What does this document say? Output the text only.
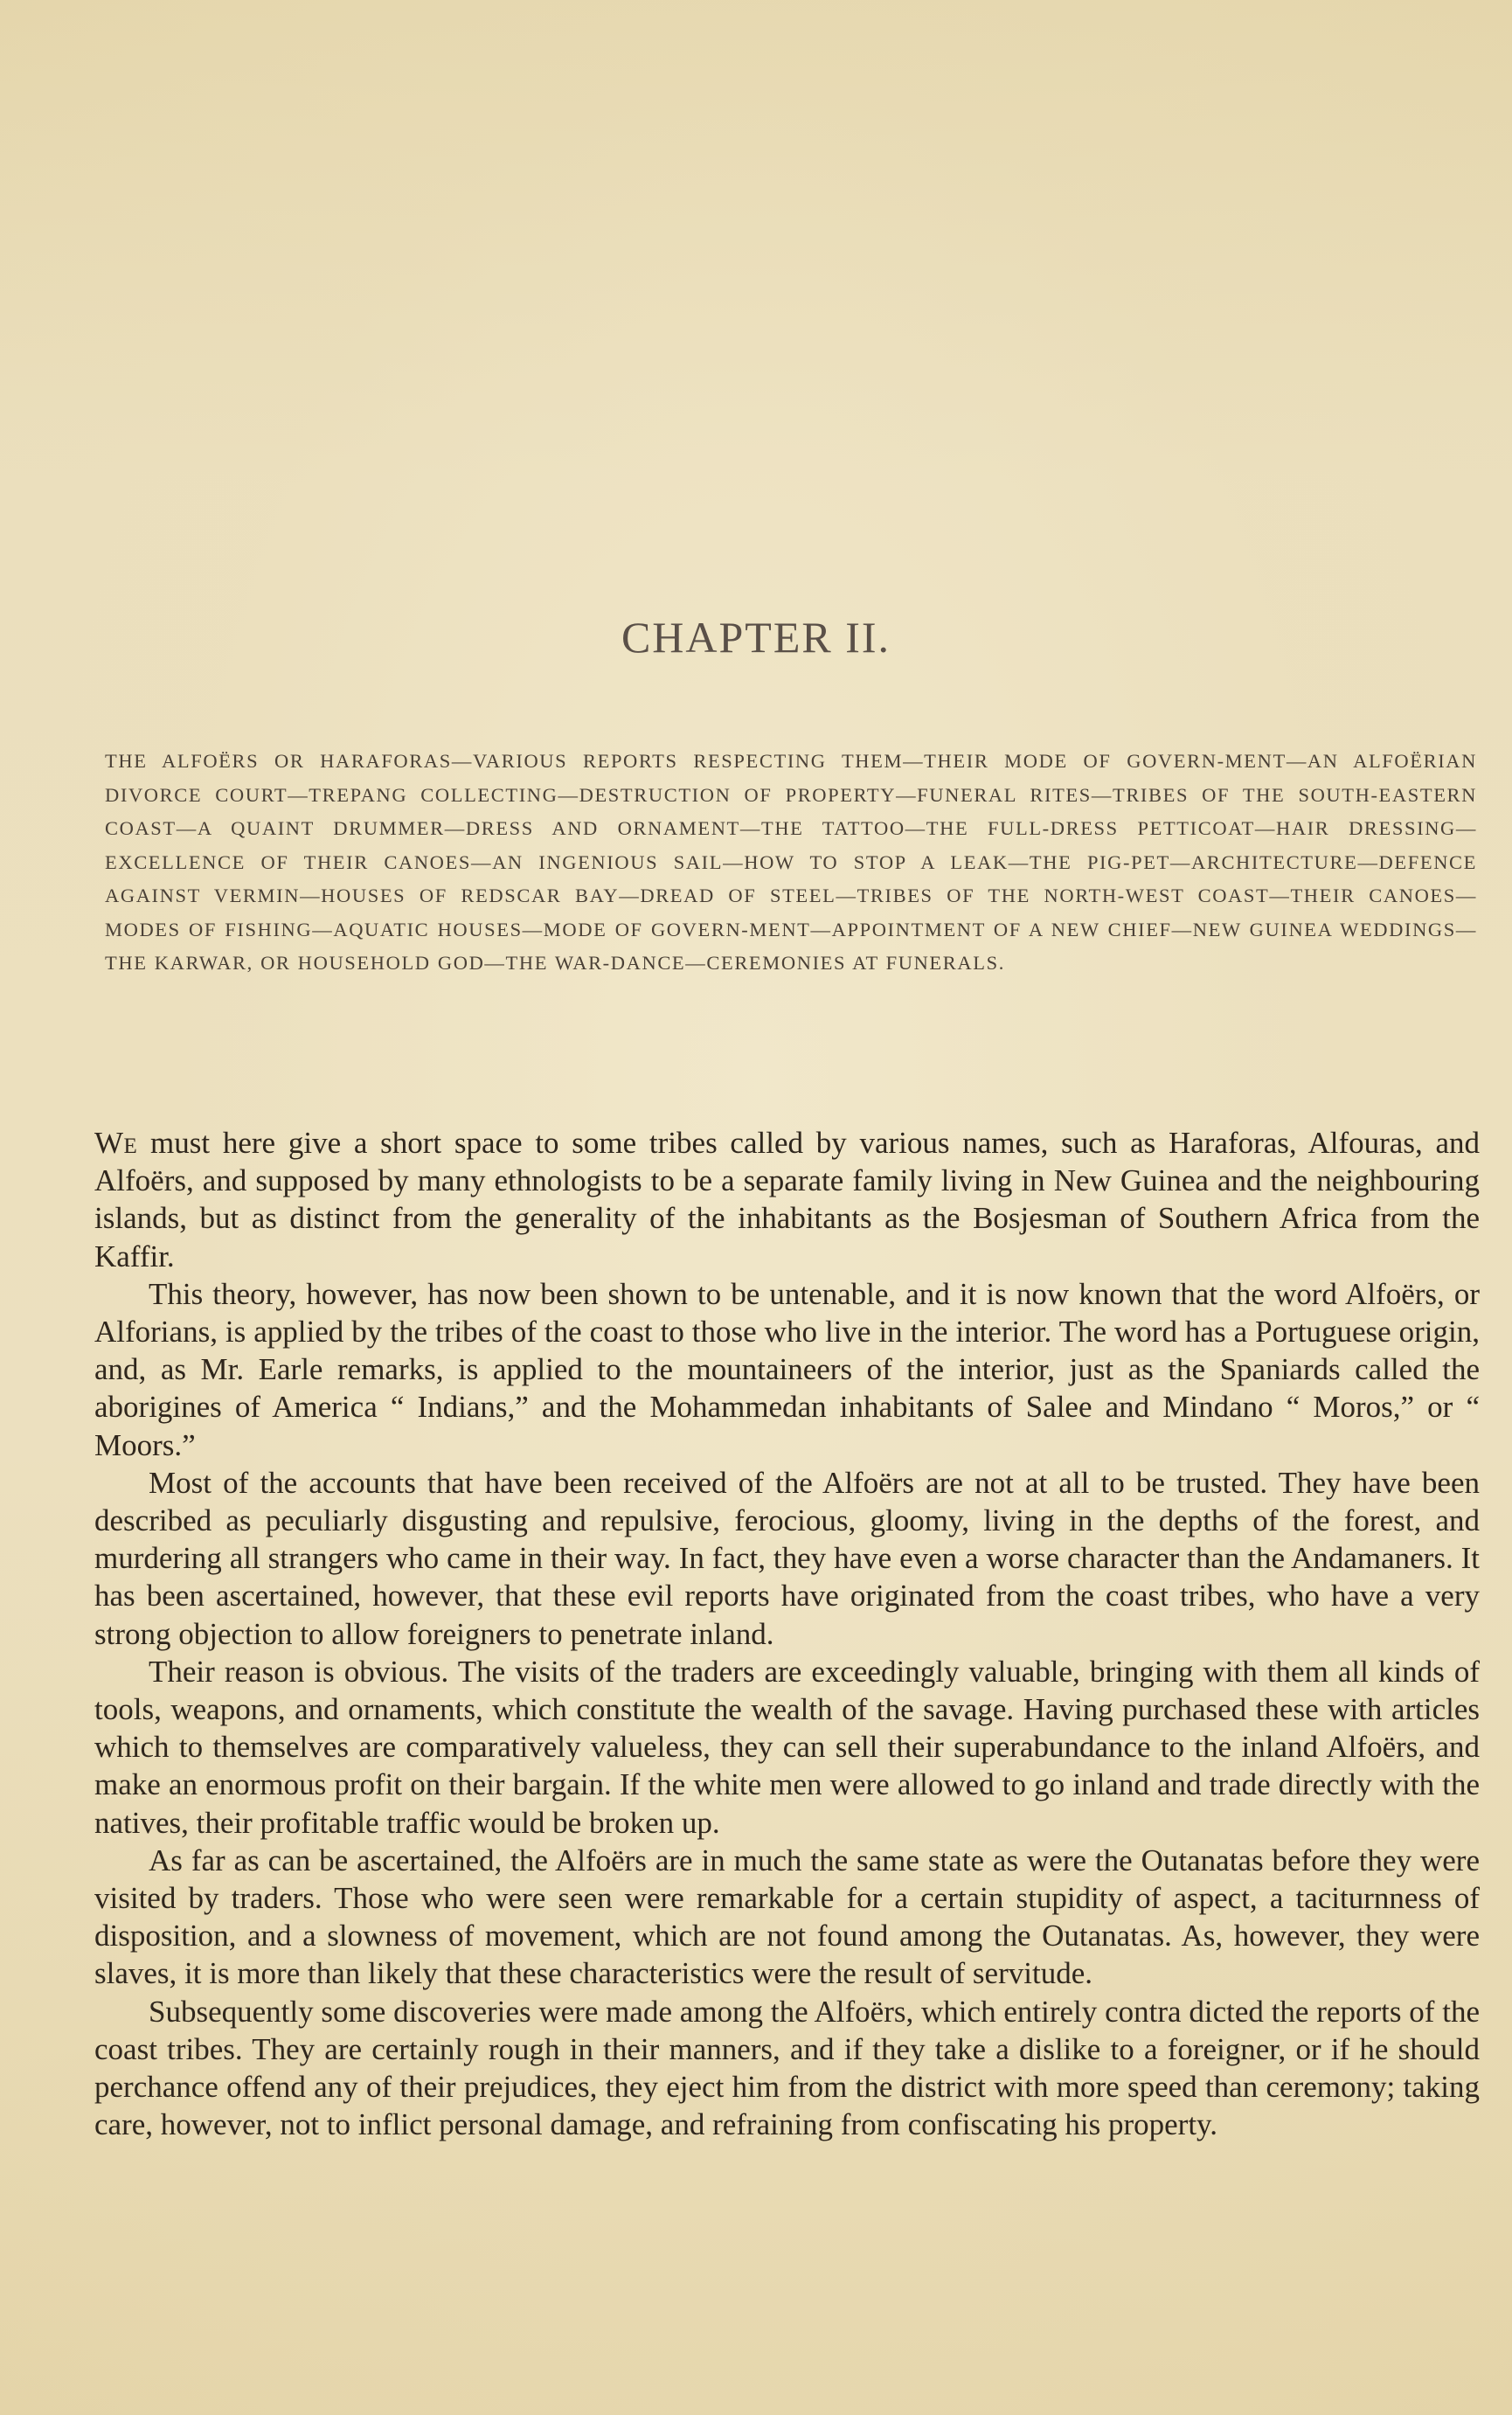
CHAPTER II.
THE ALFOËRS OR HARAFORAS—VARIOUS REPORTS RESPECTING THEM—THEIR MODE OF GOVERN-MENT—AN ALFOËRIAN DIVORCE COURT—TREPANG COLLECTING—DESTRUCTION OF PROPERTY—FUNERAL RITES—TRIBES OF THE SOUTH-EASTERN COAST—A QUAINT DRUMMER—DRESS AND ORNAMENT—THE TATTOO—THE FULL-DRESS PETTICOAT—HAIR DRESSING—EXCELLENCE OF THEIR CANOES—AN INGENIOUS SAIL—HOW TO STOP A LEAK—THE PIG-PET—ARCHITECTURE—DEFENCE AGAINST VERMIN—HOUSES OF REDSCAR BAY—DREAD OF STEEL—TRIBES OF THE NORTH-WEST COAST—THEIR CANOES—MODES OF FISHING—AQUATIC HOUSES—MODE OF GOVERN-MENT—APPOINTMENT OF A NEW CHIEF—NEW GUINEA WEDDINGS—THE KARWAR, OR HOUSEHOLD GOD—THE WAR-DANCE—CEREMONIES AT FUNERALS.

We must here give a short space to some tribes called by various names, such as Haraforas, Alfouras, and Alfoërs, and supposed by many ethnologists to be a separate family living in New Guinea and the neighbouring islands, but as distinct from the generality of the inhabitants as the Bosjesman of Southern Africa from the Kaffir.

This theory, however, has now been shown to be untenable, and it is now known that the word Alfoërs, or Alforians, is applied by the tribes of the coast to those who live in the interior. The word has a Portuguese origin, and, as Mr. Earle remarks, is applied to the mountaineers of the interior, just as the Spaniards called the aborigines of America “ Indians,” and the Mohammedan inhabitants of Salee and Mindano “ Moros,” or “ Moors.”

Most of the accounts that have been received of the Alfoërs are not at all to be trusted. They have been described as peculiarly disgusting and repulsive, ferocious, gloomy, living in the depths of the forest, and murdering all strangers who came in their way. In fact, they have even a worse character than the Andamaners. It has been ascertained, however, that these evil reports have originated from the coast tribes, who have a very strong objection to allow foreigners to penetrate inland.

Their reason is obvious. The visits of the traders are exceedingly valuable, bringing with them all kinds of tools, weapons, and ornaments, which constitute the wealth of the savage. Having purchased these with articles which to themselves are comparatively valueless, they can sell their superabundance to the inland Alfoërs, and make an enormous profit on their bargain. If the white men were allowed to go inland and trade directly with the natives, their profitable traffic would be broken up.

As far as can be ascertained, the Alfoërs are in much the same state as were the Outanatas before they were visited by traders. Those who were seen were remarkable for a certain stupidity of aspect, a taciturnness of disposition, and a slowness of movement, which are not found among the Outanatas. As, however, they were slaves, it is more than likely that these characteristics were the result of servitude.

Subsequently some discoveries were made among the Alfoërs, which entirely contra dicted the reports of the coast tribes. They are certainly rough in their manners, and if they take a dislike to a foreigner, or if he should perchance offend any of their prejudices, they eject him from the district with more speed than ceremony; taking care, however, not to inflict personal damage, and refraining from confiscating his property.
